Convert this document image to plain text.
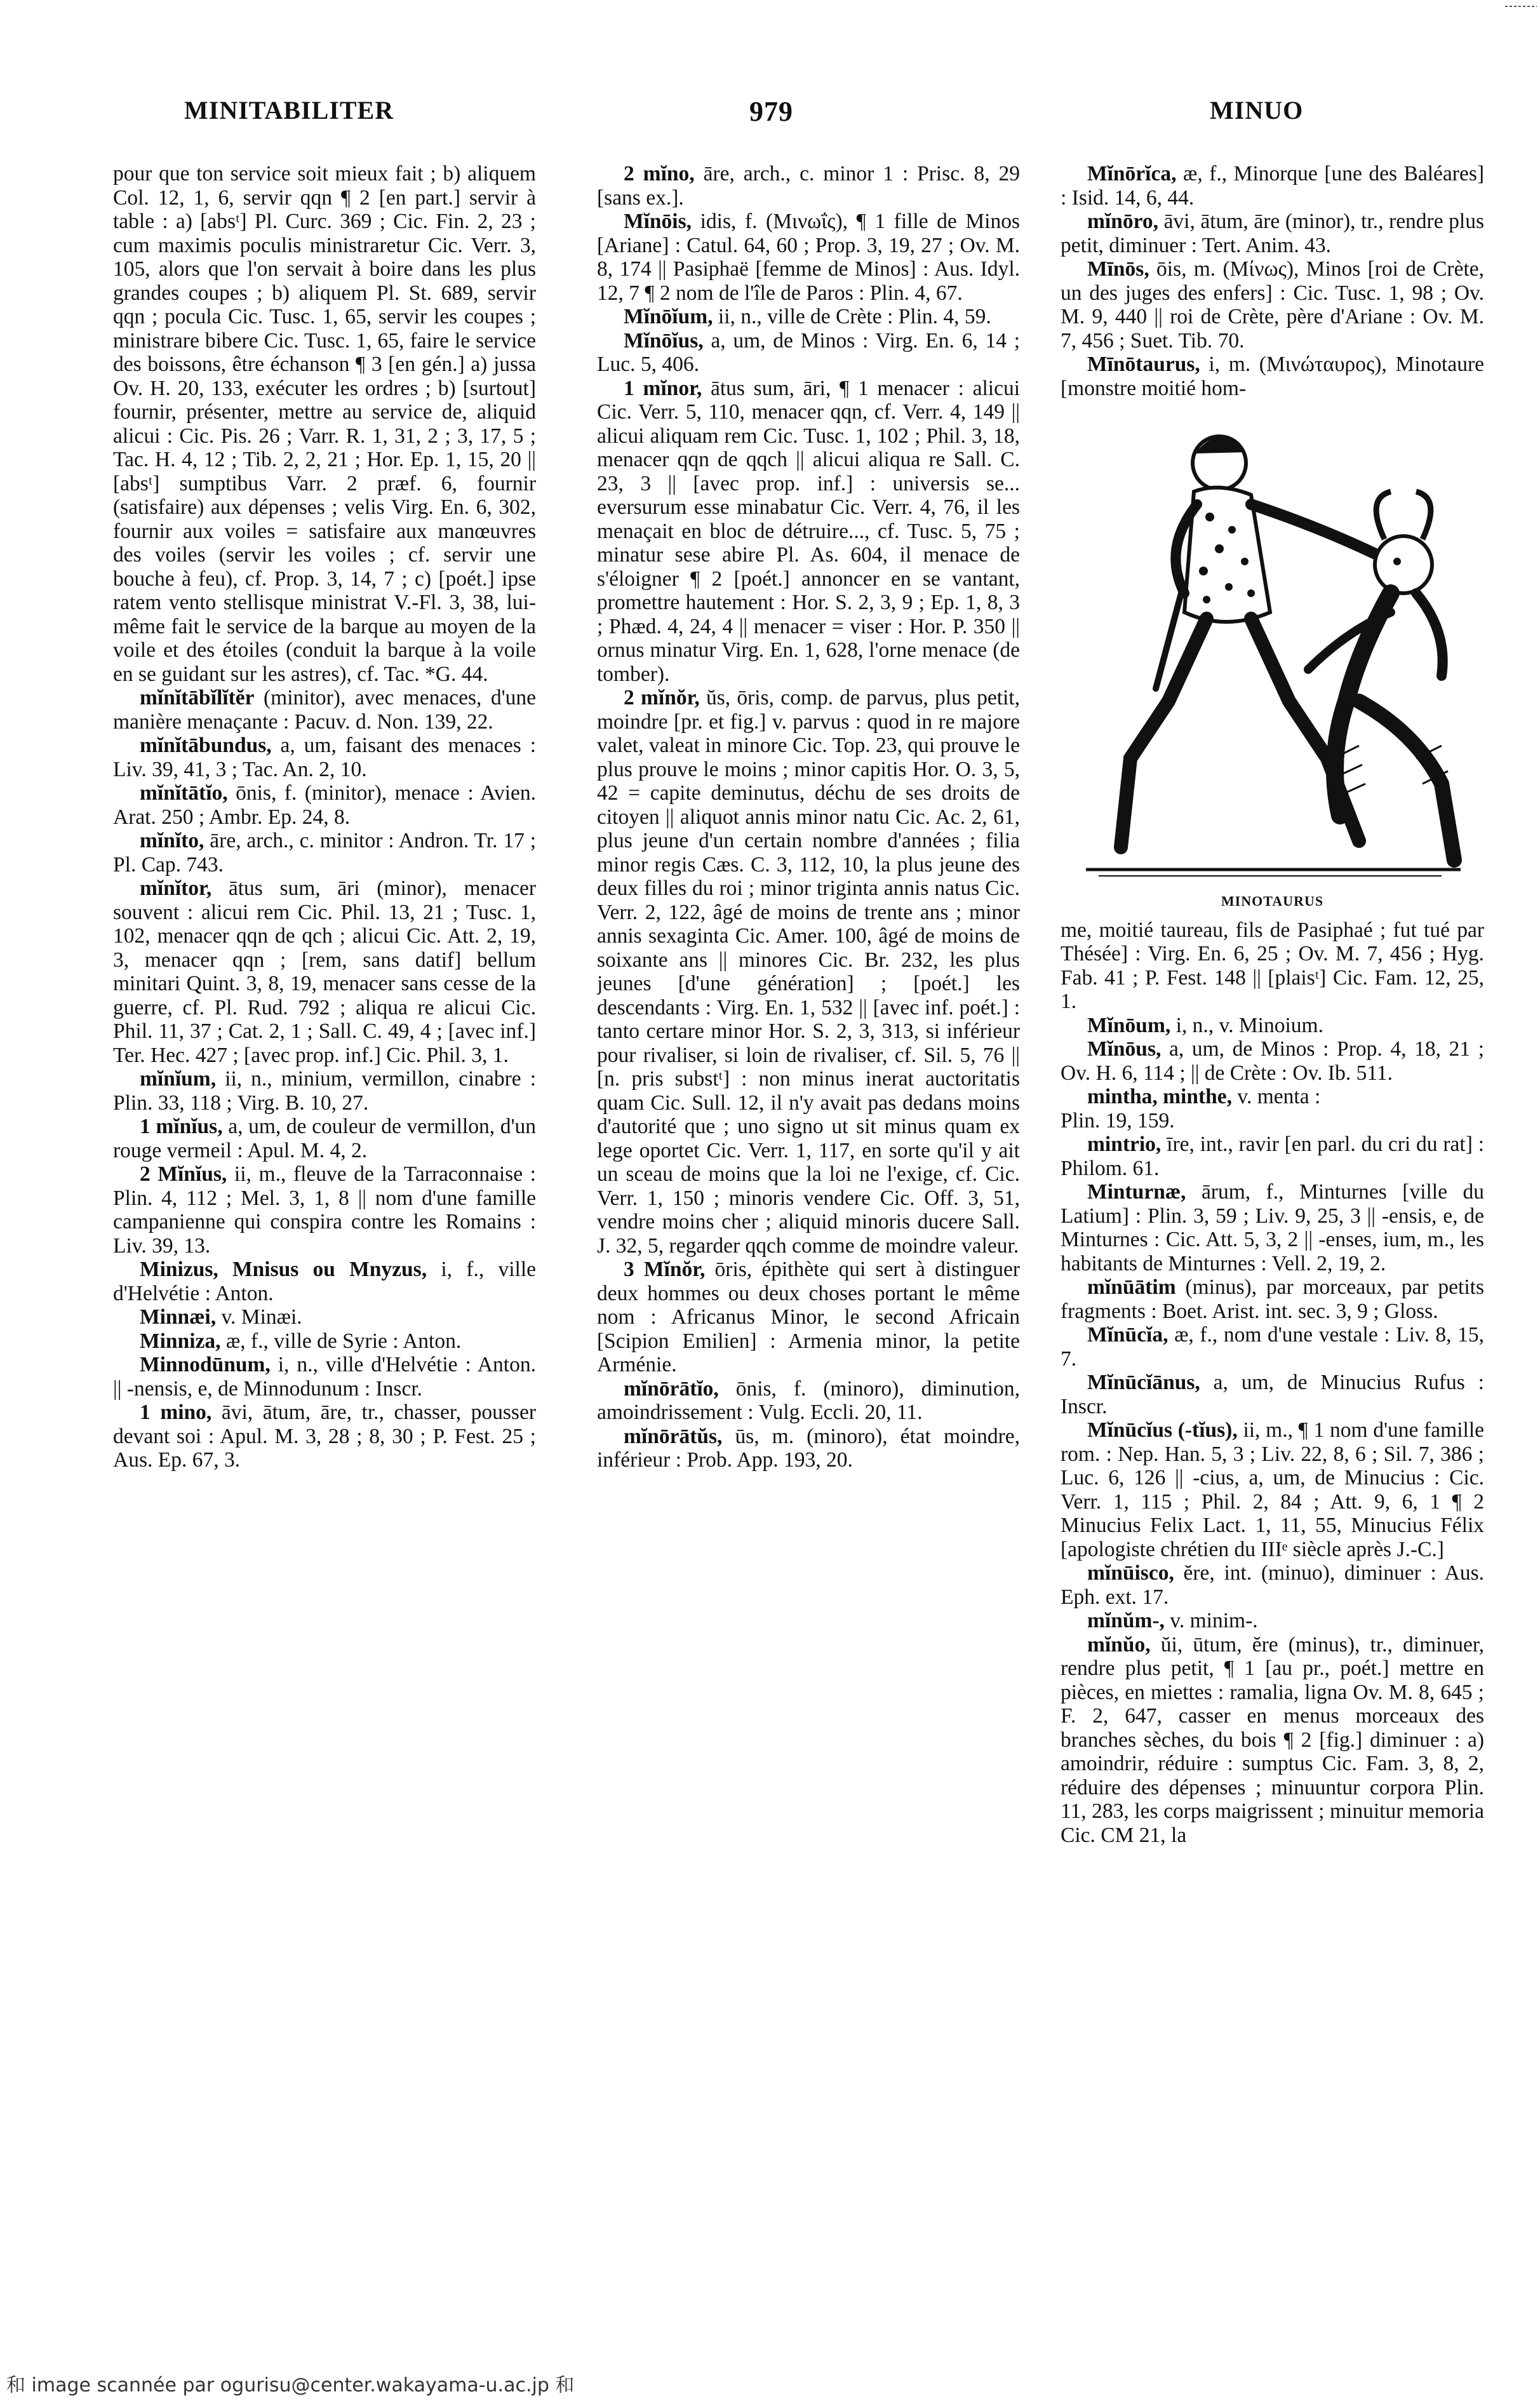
MINITABILITER	979	MINUO

pour que ton service soit mieux fait ; b) aliquem Col. 12, 1, 6, servir qqn ¶ 2 [en part.] servir à table : a) [absᵗ] Pl. Curc. 369 ; Cic. Fin. 2, 23 ; cum maximis poculis ministraretur Cic. Verr. 3, 105, alors que l'on servait à boire dans les plus grandes coupes ; b) aliquem Pl. St. 689, servir qqn ; pocula Cic. Tusc. 1, 65, servir les coupes ; ministrare bibere Cic. Tusc. 1, 65, faire le service des boissons, être échanson ¶ 3 [en gén.] a) jussa Ov. H. 20, 133, exécuter les ordres ; b) [surtout] fournir, présenter, mettre au service de, aliquid alicui : Cic. Pis. 26 ; Varr. R. 1, 31, 2 ; 3, 17, 5 ; Tac. H. 4, 12 ; Tib. 2, 2, 21 ; Hor. Ep. 1, 15, 20 || [absᵗ] sumptibus Varr. 2 præf. 6, fournir (satisfaire) aux dépenses ; velis Virg. En. 6, 302, fournir aux voiles = satisfaire aux manœuvres des voiles (servir les voiles ; cf. servir une bouche à feu), cf. Prop. 3, 14, 7 ; c) [poét.] ipse ratem vento stellisque ministrat V.-Fl. 3, 38, lui-même fait le service de la barque au moyen de la voile et des étoiles (conduit la barque à la voile en se guidant sur les astres), cf. Tac. *G. 44.

mĭnĭtābĭlĭtĕr (minitor), avec menaces, d'une manière menaçante : Pacuv. d. Non. 139, 22.

mĭnĭtābundus, a, um, faisant des menaces : Liv. 39, 41, 3 ; Tac. An. 2, 10.

mĭnĭtātĭo, ōnis, f. (minitor), menace : Avien. Arat. 250 ; Ambr. Ep. 24, 8.

mĭnĭto, āre, arch., c. minitor : Andron. Tr. 17 ; Pl. Cap. 743.

mĭnĭtor, ātus sum, āri (minor), menacer souvent : alicui rem Cic. Phil. 13, 21 ; Tusc. 1, 102, menacer qqn de qch ; alicui Cic. Att. 2, 19, 3, menacer qqn ; [rem, sans datif] bellum minitari Quint. 3, 8, 19, menacer sans cesse de la guerre, cf. Pl. Rud. 792 ; aliqua re alicui Cic. Phil. 11, 37 ; Cat. 2, 1 ; Sall. C. 49, 4 ; [avec inf.] Ter. Hec. 427 ; [avec prop. inf.] Cic. Phil. 3, 1.

mĭnĭum, ii, n., minium, vermillon, cinabre : Plin. 33, 118 ; Virg. B. 10, 27.

1 mĭnĭus, a, um, de couleur de vermillon, d'un rouge vermeil : Apul. M. 4, 2.

2 Mĭnĭus, ii, m., fleuve de la Tarraconnaise : Plin. 4, 112 ; Mel. 3, 1, 8 || nom d'une famille campanienne qui conspira contre les Romains : Liv. 39, 13.

Minizus, Mnisus ou Mnyzus, i, f., ville d'Helvétie : Anton.

Minnæi, v. Minæi.

Minniza, æ, f., ville de Syrie : Anton.

Minnodūnum, i, n., ville d'Helvétie : Anton. || -nensis, e, de Minnodunum : Inscr.

1 mino, āvi, ātum, āre, tr., chasser, pousser devant soi : Apul. M. 3, 28 ; 8, 30 ; P. Fest. 25 ; Aus. Ep. 67, 3.

2 mĭno, āre, arch., c. minor 1 : Prisc. 8, 29 [sans ex.].

Mĭnōis, idis, f. (Μινωΐς), ¶ 1 fille de Minos [Ariane] : Catul. 64, 60 ; Prop. 3, 19, 27 ; Ov. M. 8, 174 || Pasiphaë [femme de Minos] : Aus. Idyl. 12, 7 ¶ 2 nom de l'île de Paros : Plin. 4, 67.

Mĭnōĭum, ii, n., ville de Crète : Plin. 4, 59.

Mĭnōĭus, a, um, de Minos : Virg. En. 6, 14 ; Luc. 5, 406.

1 mĭnor, ātus sum, āri, ¶ 1 menacer : alicui Cic. Verr. 5, 110, menacer qqn, cf. Verr. 4, 149 || alicui aliquam rem Cic. Tusc. 1, 102 ; Phil. 3, 18, menacer qqn de qqch || alicui aliqua re Sall. C. 23, 3 || [avec prop. inf.] : universis se... eversurum esse minabatur Cic. Verr. 4, 76, il les menaçait en bloc de détruire..., cf. Tusc. 5, 75 ; minatur sese abire Pl. As. 604, il menace de s'éloigner ¶ 2 [poét.] annoncer en se vantant, promettre hautement : Hor. S. 2, 3, 9 ; Ep. 1, 8, 3 ; Phæd. 4, 24, 4 || menacer = viser : Hor. P. 350 || ornus minatur Virg. En. 1, 628, l'orne menace (de tomber).

2 mĭnŏr, ŭs, ōris, comp. de parvus, plus petit, moindre [pr. et fig.] v. parvus : quod in re majore valet, valeat in minore Cic. Top. 23, qui prouve le plus prouve le moins ; minor capitis Hor. O. 3, 5, 42 = capite deminutus, déchu de ses droits de citoyen || aliquot annis minor natu Cic. Ac. 2, 61, plus jeune d'un certain nombre d'années ; filia minor regis Cæs. C. 3, 112, 10, la plus jeune des deux filles du roi ; minor triginta annis natus Cic. Verr. 2, 122, âgé de moins de trente ans ; minor annis sexaginta Cic. Amer. 100, âgé de moins de soixante ans || minores Cic. Br. 232, les plus jeunes [d'une génération] ; [poét.] les descendants : Virg. En. 1, 532 || [avec inf. poét.] : tanto certare minor Hor. S. 2, 3, 313, si inférieur pour rivaliser, si loin de rivaliser, cf. Sil. 5, 76 || [n. pris substᵗ] : non minus inerat auctoritatis quam Cic. Sull. 12, il n'y avait pas dedans moins d'autorité que ; uno signo ut sit minus quam ex lege oportet Cic. Verr. 1, 117, en sorte qu'il y ait un sceau de moins que la loi ne l'exige, cf. Cic. Verr. 1, 150 ; minoris vendere Cic. Off. 3, 51, vendre moins cher ; aliquid minoris ducere Sall. J. 32, 5, regarder qqch comme de moindre valeur.

3 Mĭnŏr, ōris, épithète qui sert à distinguer deux hommes ou deux choses portant le même nom : Africanus Minor, le second Africain [Scipion Emilien] : Armenia minor, la petite Arménie.

mĭnōrātĭo, ōnis, f. (minoro), diminution, amoindrissement : Vulg. Eccli. 20, 11.

mĭnōrātŭs, ūs, m. (minoro), état moindre, inférieur : Prob. App. 193, 20.

Mĭnōrĭca, æ, f., Minorque [une des Baléares] : Isid. 14, 6, 44.

mĭnōro, āvi, ātum, āre (minor), tr., rendre plus petit, diminuer : Tert. Anim. 43.

Mīnōs, ōis, m. (Μίνως), Minos [roi de Crète, un des juges des enfers] : Cic. Tusc. 1, 98 ; Ov. M. 9, 440 || roi de Crète, père d'Ariane : Ov. M. 7, 456 ; Suet. Tib. 70.

Mīnōtaurus, i, m. (Μινώταυρος), Minotaure [monstre moitié hom-

MINOTAURUS

me, moitié taureau, fils de Pasiphaé ; fut tué par Thésée] : Virg. En. 6, 25 ; Ov. M. 7, 456 ; Hyg. Fab. 41 ; P. Fest. 148 || [plaisᵗ] Cic. Fam. 12, 25, 1.

Mĭnōum, i, n., v. Minoium.

Mĭnōus, a, um, de Minos : Prop. 4, 18, 21 ; Ov. H. 6, 114 ; || de Crète : Ov. Ib. 511.

mintha, minthe, v. menta :

Plin. 19, 159.

mintrio, īre, int., ravir [en parl. du cri du rat] : Philom. 61.

Minturnæ, ārum, f., Minturnes [ville du Latium] : Plin. 3, 59 ; Liv. 9, 25, 3 || -ensis, e, de Minturnes : Cic. Att. 5, 3, 2 || -enses, ium, m., les habitants de Minturnes : Vell. 2, 19, 2.

mĭnūātim (minus), par morceaux, par petits fragments : Boet. Arist. int. sec. 3, 9 ; Gloss.

Mĭnūcĭa, æ, f., nom d'une vestale : Liv. 8, 15, 7.

Mĭnūcĭānus, a, um, de Minucius Rufus : Inscr.

Mĭnūcĭus (-tĭus), ii, m., ¶ 1 nom d'une famille rom. : Nep. Han. 5, 3 ; Liv. 22, 8, 6 ; Sil. 7, 386 ; Luc. 6, 126 || -cius, a, um, de Minucius : Cic. Verr. 1, 115 ; Phil. 2, 84 ; Att. 9, 6, 1 ¶ 2 Minucius Felix Lact. 1, 11, 55, Minucius Félix [apologiste chrétien du IIIᵉ siècle après J.-C.]

mĭnūisco, ĕre, int. (minuo), diminuer : Aus. Eph. ext. 17.

mĭnŭm-, v. minim-.

mĭnŭo, ŭi, ūtum, ĕre (minus), tr., diminuer, rendre plus petit, ¶ 1 [au pr., poét.] mettre en pièces, en miettes : ramalia, ligna Ov. M. 8, 645 ; F. 2, 647, casser en menus morceaux des branches sèches, du bois ¶ 2 [fig.] diminuer : a) amoindrir, réduire : sumptus Cic. Fam. 3, 8, 2, réduire des dépenses ; minuuntur corpora Plin. 11, 283, les corps maigrissent ; minuitur memoria Cic. CM 21, la

和 image scannée par ogurisu@center.wakayama-u.ac.jp 和
